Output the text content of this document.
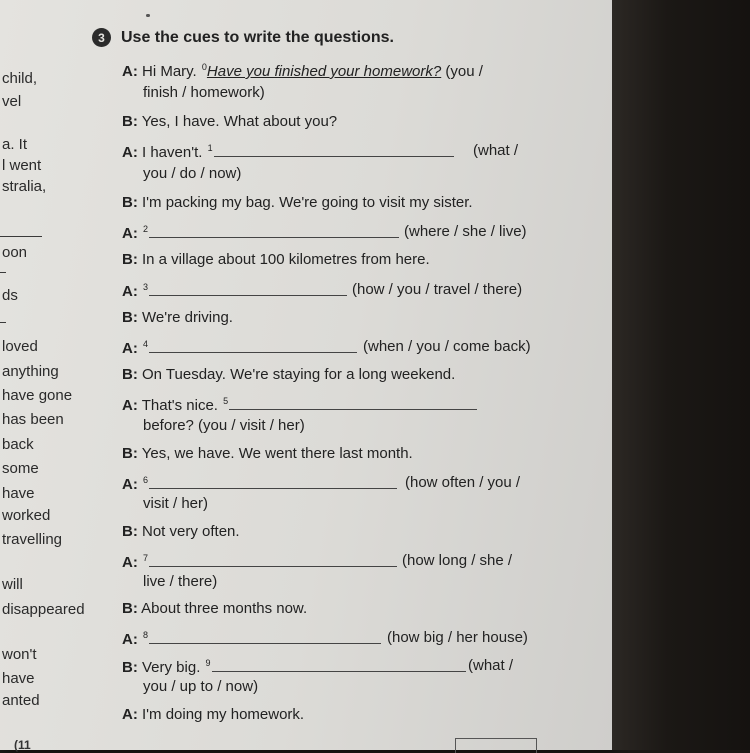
child,
vel
a. It
l went
stralia,
oon
ds
loved
anything
have gone
has been
back
some
have
worked
travelling
will
disappeared
won't
have
anted
3	Use the cues to write the questions.
A: Hi Mary. $^0$Have you finished your homework? (you /
finish / homework)
B: Yes, I have. What about you?
A: I haven't. $^1$	(what /
you / do / now)
B: I'm packing my bag. We're going to visit my sister.
A: $^2$	(where / she / live)
B: In a village about 100 kilometres from here.
A: $^3$	(how / you / travel / there)
B: We're driving.
A: $^4$	(when / you / come back)
B: On Tuesday. We're staying for a long weekend.
A: That's nice. $^5$
before? (you / visit / her)
B: Yes, we have. We went there last month.
A: $^6$	(how often / you /
visit / her)
B: Not very often.
A: $^7$	(how long / she /
live / there)
B: About three months now.
A: $^8$	(how big / her house)
B: Very big. $^9$	(what /
you / up to / now)
A: I'm doing my homework.
(11
